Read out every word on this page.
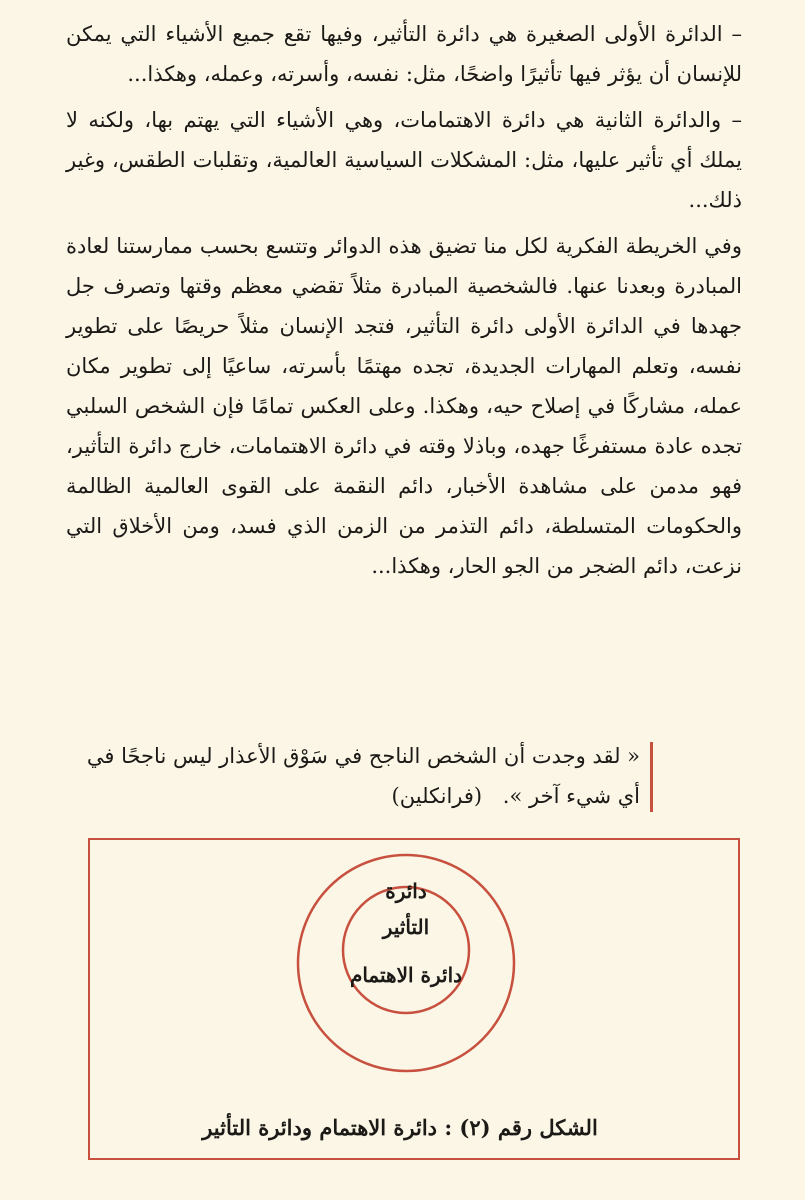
– الدائرة الأولى الصغيرة هي دائرة التأثير، وفيها تقع جميع الأشياء التي يمكن للإنسان أن يؤثر فيها تأثيرًا واضحًا، مثل: نفسه، وأسرته، وعمله، وهكذا...

– والدائرة الثانية هي دائرة الاهتمامات، وهي الأشياء التي يهتم بها، ولكنه لا يملك أي تأثير عليها، مثل: المشكلات السياسية العالمية، وتقلبات الطقس، وغير ذلك...

وفي الخريطة الفكرية لكل منا تضيق هذه الدوائر وتتسع بحسب ممارستنا لعادة المبادرة وبعدنا عنها. فالشخصية المبادرة مثلاً تقضي معظم وقتها وتصرف جل جهدها في الدائرة الأولى دائرة التأثير، فتجد الإنسان مثلاً حريصًا على تطوير نفسه، وتعلم المهارات الجديدة، تجده مهتمًا بأسرته، ساعيًا إلى تطوير مكان عمله، مشاركًا في إصلاح حيه، وهكذا. وعلى العكس تمامًا فإن الشخص السلبي تجده عادة مستفرغًا جهده، وباذلا وقته في دائرة الاهتمامات، خارج دائرة التأثير، فهو مدمن على مشاهدة الأخبار، دائم النقمة على القوى العالمية الظالمة والحكومات المتسلطة، دائم التذمر من الزمن الذي فسد، ومن الأخلاق التي نزعت، دائم الضجر من الجو الحار، وهكذا...

« لقد وجدت أن الشخص الناجح في سَوْق الأعذار ليس ناجحًا في أي شيء آخر ». (فرانكلين)

دائرة
التأثير
دائرة الاهتمام
الشكل رقم (٢) : دائرة الاهتمام ودائرة التأثير
